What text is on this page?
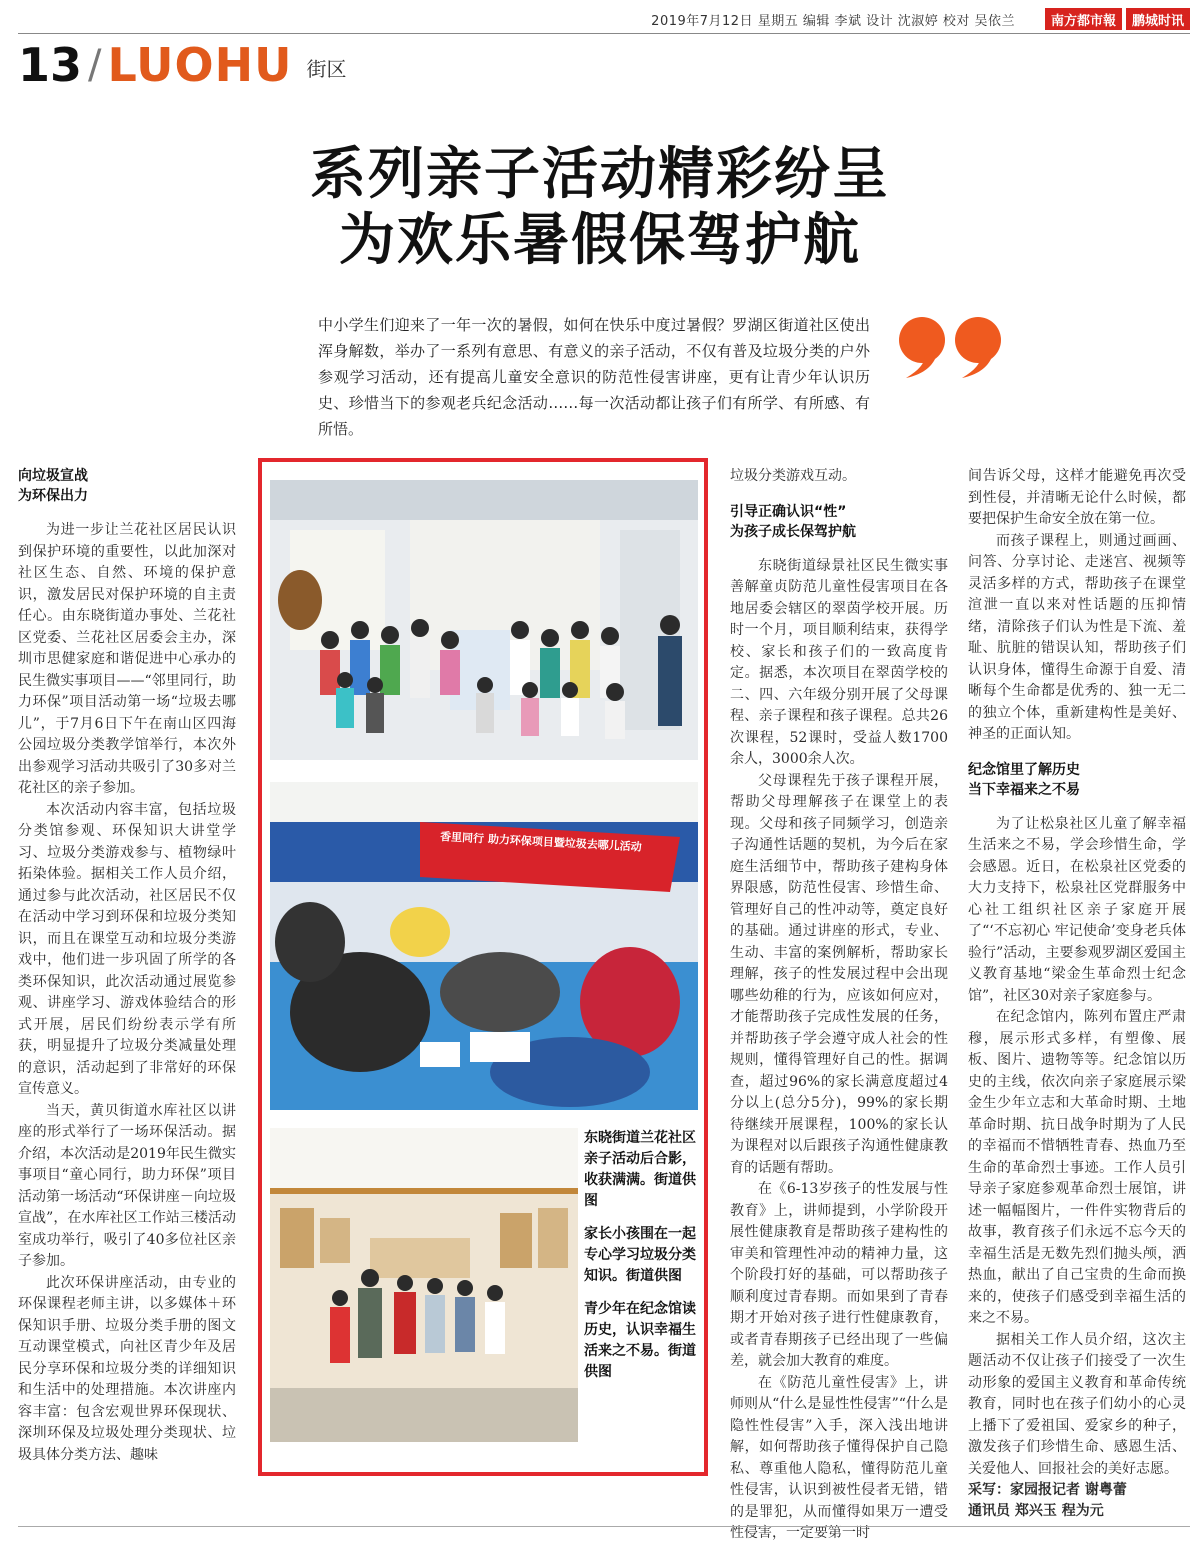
2019年7月12日 星期五 编辑 李斌 设计 沈淑婷 校对 吴依兰	南方都市報	鹏城时讯
13 / LUOHU 街区
系列亲子活动精彩纷呈
为欢乐暑假保驾护航
中小学生们迎来了一年一次的暑假，如何在快乐中度过暑假？罗湖区街道社区使出浑身解数，举办了一系列有意思、有意义的亲子活动，不仅有普及垃圾分类的户外参观学习活动，还有提高儿童安全意识的防范性侵害讲座，更有让青少年认识历史、珍惜当下的参观老兵纪念活动……每一次活动都让孩子们有所学、有所感、有所悟。
向垃圾宣战
为环保出力

为进一步让兰花社区居民认识到保护环境的重要性，以此加深对社区生态、自然、环境的保护意识，激发居民对保护环境的自主责任心。由东晓街道办事处、兰花社区党委、兰花社区居委会主办，深圳市思健家庭和谐促进中心承办的民生微实事项目——“邻里同行，助力环保”项目活动第一场“垃圾去哪儿”，于7月6日下午在南山区四海公园垃圾分类教学馆举行，本次外出参观学习活动共吸引了30多对兰花社区的亲子参加。

本次活动内容丰富，包括垃圾分类馆参观、环保知识大讲堂学习、垃圾分类游戏参与、植物绿叶拓染体验。据相关工作人员介绍，通过参与此次活动，社区居民不仅在活动中学习到环保和垃圾分类知识，而且在课堂互动和垃圾分类游戏中，他们进一步巩固了所学的各类环保知识，此次活动通过展览参观、讲座学习、游戏体验结合的形式开展，居民们纷纷表示学有所获，明显提升了垃圾分类减量处理的意识，活动起到了非常好的环保宣传意义。

当天，黄贝街道水库社区以讲座的形式举行了一场环保活动。据介绍，本次活动是2019年民生微实事项目“童心同行，助力环保”项目活动第一场活动“环保讲座－向垃圾宣战”，在水库社区工作站三楼活动室成功举行，吸引了40多位社区亲子参加。

此次环保讲座活动，由专业的环保课程老师主讲，以多媒体＋环保知识手册、垃圾分类手册的图文互动课堂模式，向社区青少年及居民分享环保和垃圾分类的详细知识和生活中的处理措施。本次讲座内容丰富：包含宏观世界环保现状、深圳环保及垃圾处理分类现状、垃圾具体分类方法、趣味

香里同行 助力环保项目暨垃圾去哪儿活动

东晓街道兰花社区亲子活动后合影，收获满满。街道供图

家长小孩围在一起专心学习垃圾分类知识。街道供图

青少年在纪念馆读历史，认识幸福生活来之不易。街道供图

垃圾分类游戏互动。
引导正确认识“性”
为孩子成长保驾护航

东晓街道绿景社区民生微实事善解童贞防范儿童性侵害项目在各地居委会辖区的翠茵学校开展。历时一个月，项目顺利结束，获得学校、家长和孩子们的一致高度肯定。据悉，本次项目在翠茵学校的二、四、六年级分别开展了父母课程、亲子课程和孩子课程。总共26次课程，52课时，受益人数1700余人，3000余人次。

父母课程先于孩子课程开展，帮助父母理解孩子在课堂上的表现。父母和孩子同频学习，创造亲子沟通性话题的契机，为今后在家庭生活细节中，帮助孩子建构身体界限感，防范性侵害、珍惜生命、管理好自己的性冲动等，奠定良好的基础。通过讲座的形式，专业、生动、丰富的案例解析，帮助家长理解，孩子的性发展过程中会出现哪些幼稚的行为，应该如何应对，才能帮助孩子完成性发展的任务，并帮助孩子学会遵守成人社会的性规则，懂得管理好自己的性。据调查，超过96%的家长满意度超过4分以上(总分5分)，99%的家长期待继续开展课程，100%的家长认为课程对以后跟孩子沟通性健康教育的话题有帮助。

在《6-13岁孩子的性发展与性教育》上，讲师提到，小学阶段开展性健康教育是帮助孩子建构性的审美和管理性冲动的精神力量，这个阶段打好的基础，可以帮助孩子顺利度过青春期。而如果到了青春期才开始对孩子进行性健康教育，或者青春期孩子已经出现了一些偏差，就会加大教育的难度。

在《防范儿童性侵害》上，讲师则从“什么是显性性侵害”“什么是隐性性侵害”入手，深入浅出地讲解，如何帮助孩子懂得保护自己隐私、尊重他人隐私，懂得防范儿童性侵害，认识到被性侵者无错，错的是罪犯，从而懂得如果万一遭受性侵害，一定要第一时

间告诉父母，这样才能避免再次受到性侵，并清晰无论什么时候，都要把保护生命安全放在第一位。

而孩子课程上，则通过画画、问答、分享讨论、走迷宫、视频等灵活多样的方式，帮助孩子在课堂渲泄一直以来对性话题的压抑情绪，清除孩子们认为性是下流、羞耻、肮脏的错误认知，帮助孩子们认识身体，懂得生命源于自爱、清晰每个生命都是优秀的、独一无二的独立个体，重新建构性是美好、神圣的正面认知。

纪念馆里了解历史
当下幸福来之不易

为了让松泉社区儿童了解幸福生活来之不易，学会珍惜生命，学会感恩。近日，在松泉社区党委的大力支持下，松泉社区党群服务中心社工组织社区亲子家庭开展了“‘不忘初心 牢记使命’变身老兵体验行”活动，主要参观罗湖区爱国主义教育基地“梁金生革命烈士纪念馆”，社区30对亲子家庭参与。

在纪念馆内，陈列布置庄严肃穆，展示形式多样，有塑像、展板、图片、遗物等等。纪念馆以历史的主线，依次向亲子家庭展示梁金生少年立志和大革命时期、土地革命时期、抗日战争时期为了人民的幸福而不惜牺牲青春、热血乃至生命的革命烈士事迹。工作人员引导亲子家庭参观革命烈士展馆，讲述一幅幅图片，一件件实物背后的故事，教育孩子们永远不忘今天的幸福生活是无数先烈们抛头颅，洒热血，献出了自己宝贵的生命而换来的，使孩子们感受到幸福生活的来之不易。

据相关工作人员介绍，这次主题活动不仅让孩子们接受了一次生动形象的爱国主义教育和革命传统教育，同时也在孩子们幼小的心灵上播下了爱祖国、爱家乡的种子，激发孩子们珍惜生命、感恩生活、关爱他人、回报社会的美好志愿。

采写：家园报记者 谢粤蕾
通讯员 郑兴玉 程为元
